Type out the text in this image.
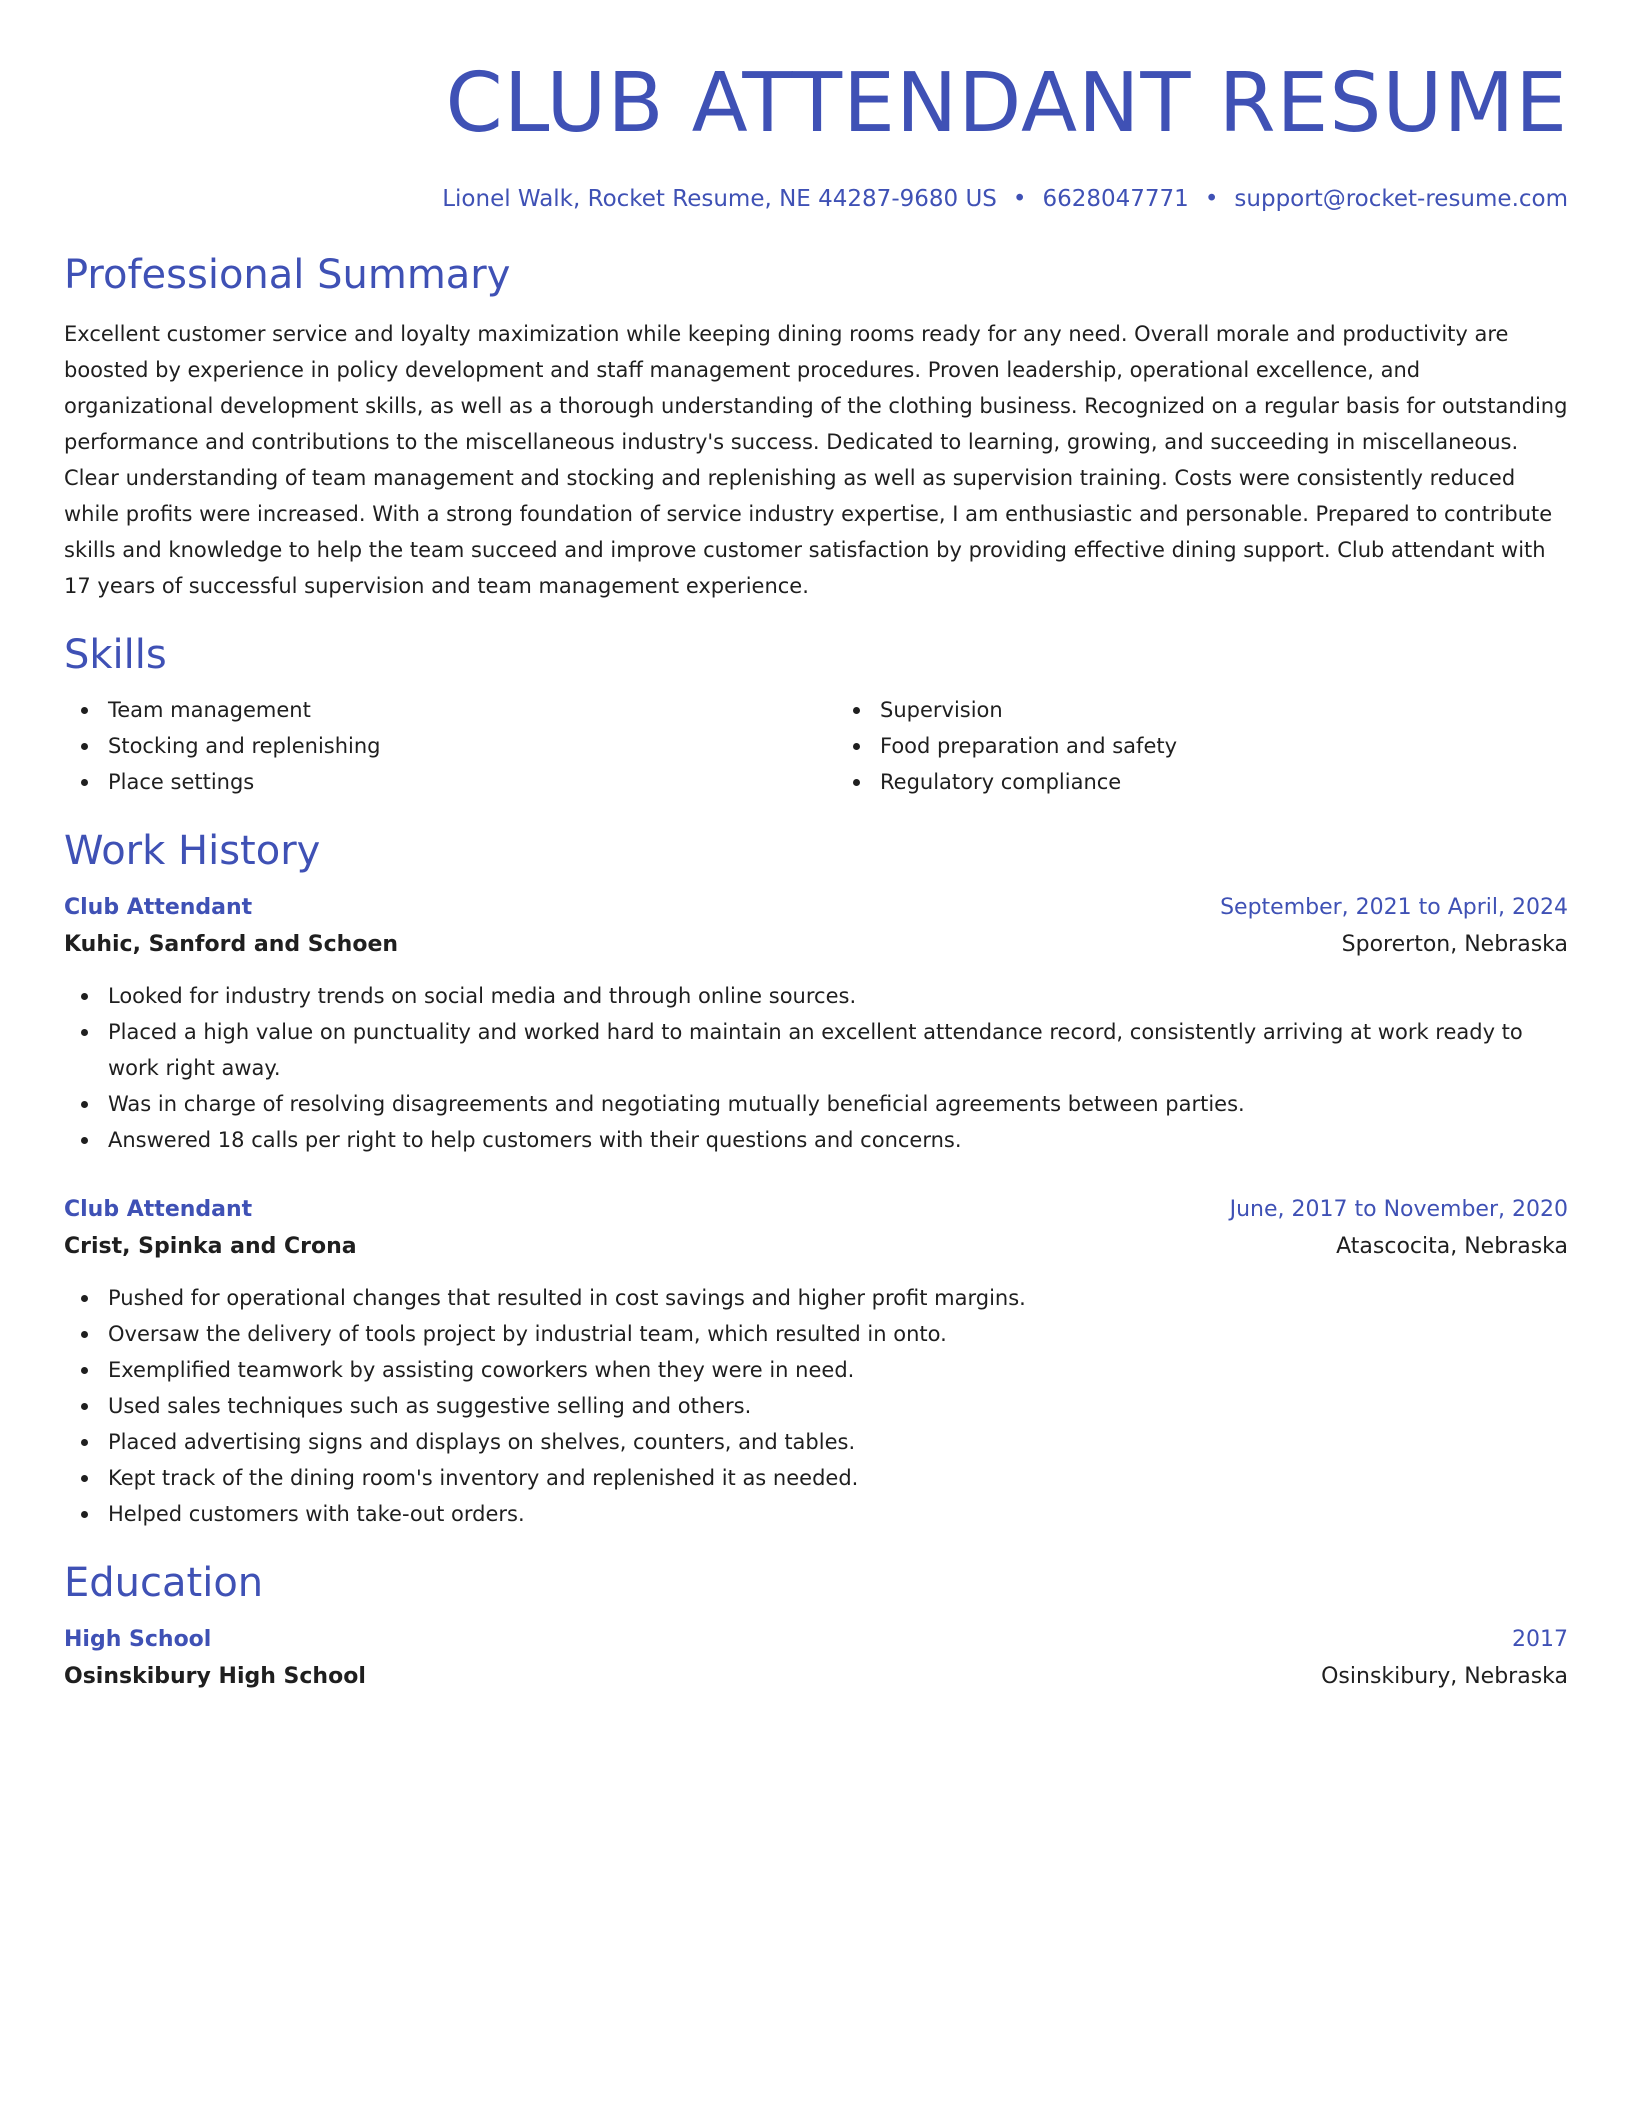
CLUB ATTENDANT RESUME
Lionel Walk, Rocket Resume, NE 44287-9680 US • 6628047771 • support@rocket-resume.com
Professional Summary
Excellent customer service and loyalty maximization while keeping dining rooms ready for any need. Overall morale and productivity are boosted by experience in policy development and staff management procedures. Proven leadership, operational excellence, and organizational development skills, as well as a thorough understanding of the clothing business. Recognized on a regular basis for outstanding performance and contributions to the miscellaneous industry's success. Dedicated to learning, growing, and succeeding in miscellaneous. Clear understanding of team management and stocking and replenishing as well as supervision training. Costs were consistently reduced while profits were increased. With a strong foundation of service industry expertise, I am enthusiastic and personable. Prepared to contribute skills and knowledge to help the team succeed and improve customer satisfaction by providing effective dining support. Club attendant with 17 years of successful supervision and team management experience.
Skills
Team management
Stocking and replenishing
Place settings
Supervision
Food preparation and safety
Regulatory compliance
Work History
Club Attendant	September, 2021 to April, 2024
Kuhic, Sanford and Schoen	Sporerton, Nebraska
Looked for industry trends on social media and through online sources.
Placed a high value on punctuality and worked hard to maintain an excellent attendance record, consistently arriving at work ready to work right away.
Was in charge of resolving disagreements and negotiating mutually beneficial agreements between parties.
Answered 18 calls per right to help customers with their questions and concerns.
Club Attendant	June, 2017 to November, 2020
Crist, Spinka and Crona	Atascocita, Nebraska
Pushed for operational changes that resulted in cost savings and higher profit margins.
Oversaw the delivery of tools project by industrial team, which resulted in onto.
Exemplified teamwork by assisting coworkers when they were in need.
Used sales techniques such as suggestive selling and others.
Placed advertising signs and displays on shelves, counters, and tables.
Kept track of the dining room's inventory and replenished it as needed.
Helped customers with take-out orders.
Education
High School	2017
Osinskibury High School	Osinskibury, Nebraska
